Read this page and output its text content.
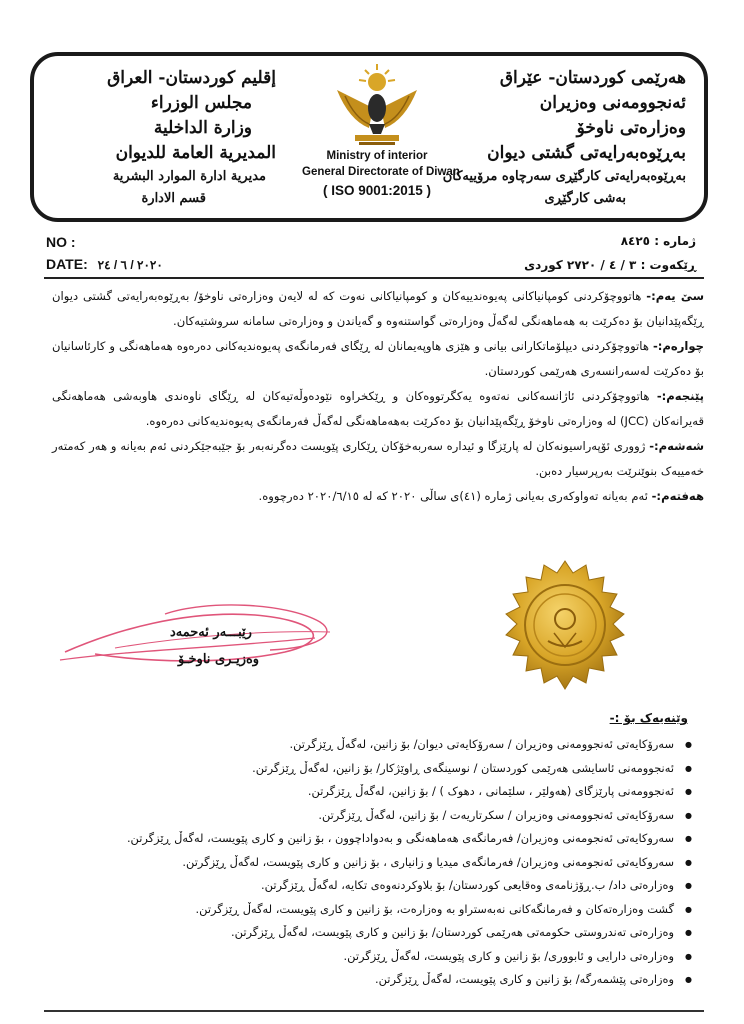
هەرێمی کوردستان- عێراق
ئەنجوومەنی وەزیران
وەزارەتی ناوخۆ
بەڕێوەبەرایەتی گشتی دیوان
بەڕێوەبەرایەتی کارگێڕی سەرچاوە مرۆییەکان
بەشی کارگێڕی
Ministry of interior
General Directorate of Diwan
( ISO 9001:2015 )
إقليم كوردستان- العراق
مجلس الوزراء
وزارة الداخلية
المديرية العامة للديوان
مديرية ادارة الموارد البشرية
قسم الادارة
NO :
DATE: ٢٠٢٠ / ٦ / ٢٤
ژمارە : ٨٤٢٥
ڕێکەوت : ٣ / ٤ / ٢٧٢٠ کوردی

سێ یەم:- هاتووچۆکردنی کومپانیاکانی پەیوەندییەکان و کومپانیاکانی نەوت کە لە لایەن وەزارەتی ناوخۆ/ بەڕێوەبەرایەتی گشتی دیوان ڕێگەپێدانیان بۆ دەکرێت بە هەماهەنگی لەگەڵ وەزارەتی گواستنەوە و گەیاندن و وەزارەتی سامانە سروشتیەکان.

چوارەم:- هاتووچۆکردنی دیپلۆماتکارانی بیانی و هێزی هاوپەیمانان لە ڕێگای فەرمانگەی پەیوەندیەکانی دەرەوە هەماهەنگی و کارئاسانیان بۆ دەکرێت لەسەرانسەری هەرێمی کوردستان.

پێنجەم:- هاتووچۆکردنی ئاژانسەکانی نەتەوە یەکگرتووەکان و ڕێکخراوە نێودەوڵەتیەکان لە ڕێگای ناوەندی هاوبەشی هەماهەنگی قەیرانەکان (JCC) لە وەزارەتی ناوخۆ ڕێگەپێدانیان بۆ دەکرێت بەهەماهەنگی لەگەڵ فەرمانگەی پەیوەندیەکانی دەرەوە.

شەشەم:- ژووری ئۆپەراسیونەکان لە پارێزگا و ئیدارە سەربەخۆکان ڕێکاری پێویست دەگرنەبەر بۆ جێبەجێکردنی ئەم بەیانە و هەر کەمتەر خەمییەک بنوێنرێت بەرپرسیار دەبن.

هەفتەم:- ئەم بەیانە تەواوکەری بەیانی ژمارە (٤١)ی ساڵی ٢٠٢٠ کە لە ٢٠٢٠/٦/١٥ دەرچووە.

رێبـــەر ئەحمەد
وەزیـری ناوخـۆ
وێنەیەک بۆ :-
● سەرۆکایەتی ئەنجوومەنی وەزیران / سەرۆکایەتی دیوان/ بۆ زانین، لەگەڵ ڕێزگرتن.
● ئەنجوومەنی ئاسایشی هەرێمی کوردستان / نوسینگەی ڕاوێژکار/ بۆ زانین، لەگەڵ ڕێزگرتن.
● ئەنجوومەنی پارێزگای (هەولێر ، سلێمانی ، دهوک ) / بۆ زانین، لەگەڵ ڕێزگرتن.
● سەرۆکایەتی ئەنجوومەنی وەزیران / سکرتاریەت / بۆ زانین، لەگەڵ ڕێزگرتن.
● سەروکایەتی ئەنجومەنی وەزیران/ فەرمانگەی هەماهەنگی و بەدواداچوون ، بۆ زانین و کاری پێویست، لەگەڵ ڕێزگرتن.
● سەروکایەتی ئەنجومەنی وەزیران/ فەرمانگەی میدیا و زانیاری ، بۆ زانین و کاری پێویست، لەگەڵ ڕێزگرتن.
● وەزارەتی داد/ ب.ڕۆژنامەی وەقایعی کوردستان/ بۆ بلاوکردنەوەی تکایە، لەگەڵ ڕێزگرتن.
● گشت وەزارەتەکان و فەرمانگەکانی نەبەستراو بە وەزارەت، بۆ زانین و کاری پێویست، لەگەڵ ڕێزگرتن.
● وەزارەتی تەندروستی حکومەتی هەرێمی کوردستان/ بۆ زانین و کاری پێویست، لەگەڵ ڕێزگرتن.
● وەزارەتی دارایی و ئابووری/ بۆ زانین و کاری پێویست، لەگەڵ ڕێزگرتن.
● وەزارەتی پێشمەرگە/ بۆ زانین و کاری پێویست، لەگەڵ ڕێزگرتن.
